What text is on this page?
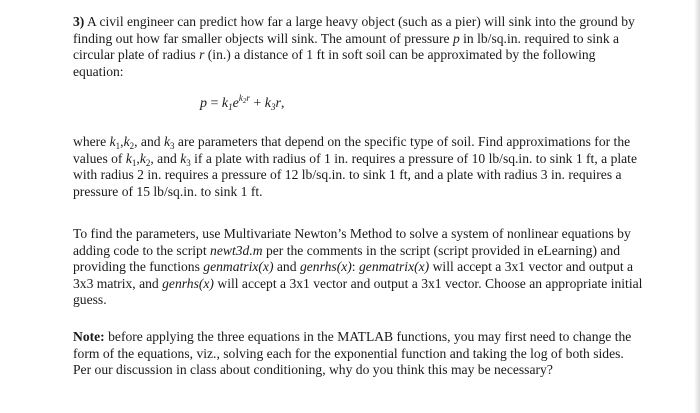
3) A civil engineer can predict how far a large heavy object (such as a pier) will sink into the ground by
finding out how far smaller objects will sink. The amount of pressure p in lb/sq.in. required to sink a
circular plate of radius r (in.) a distance of 1 ft in soft soil can be approximated by the following
equation:
$p = k_1e^{k_2r} + k_3r$,
where $k_1,k_2$, and $k_3$ are parameters that depend on the specific type of soil. Find approximations for the
values of $k_1,k_2$, and $k_3$ if a plate with radius of 1 in. requires a pressure of 10 lb/sq.in. to sink 1 ft, a plate
with radius 2 in. requires a pressure of 12 lb/sq.in. to sink 1 ft, and a plate with radius 3 in. requires a
pressure of 15 lb/sq.in. to sink 1 ft.
To find the parameters, use Multivariate Newton’s Method to solve a system of nonlinear equations by
adding code to the script newt3d.m per the comments in the script (script provided in eLearning) and
providing the functions genmatrix(x) and genrhs(x): genmatrix(x) will accept a 3x1 vector and output a
3x3 matrix, and genrhs(x) will accept a 3x1 vector and output a 3x1 vector. Choose an appropriate initial
guess.
Note: before applying the three equations in the MATLAB functions, you may first need to change the
form of the equations, viz., solving each for the exponential function and taking the log of both sides.
Per our discussion in class about conditioning, why do you think this may be necessary?
